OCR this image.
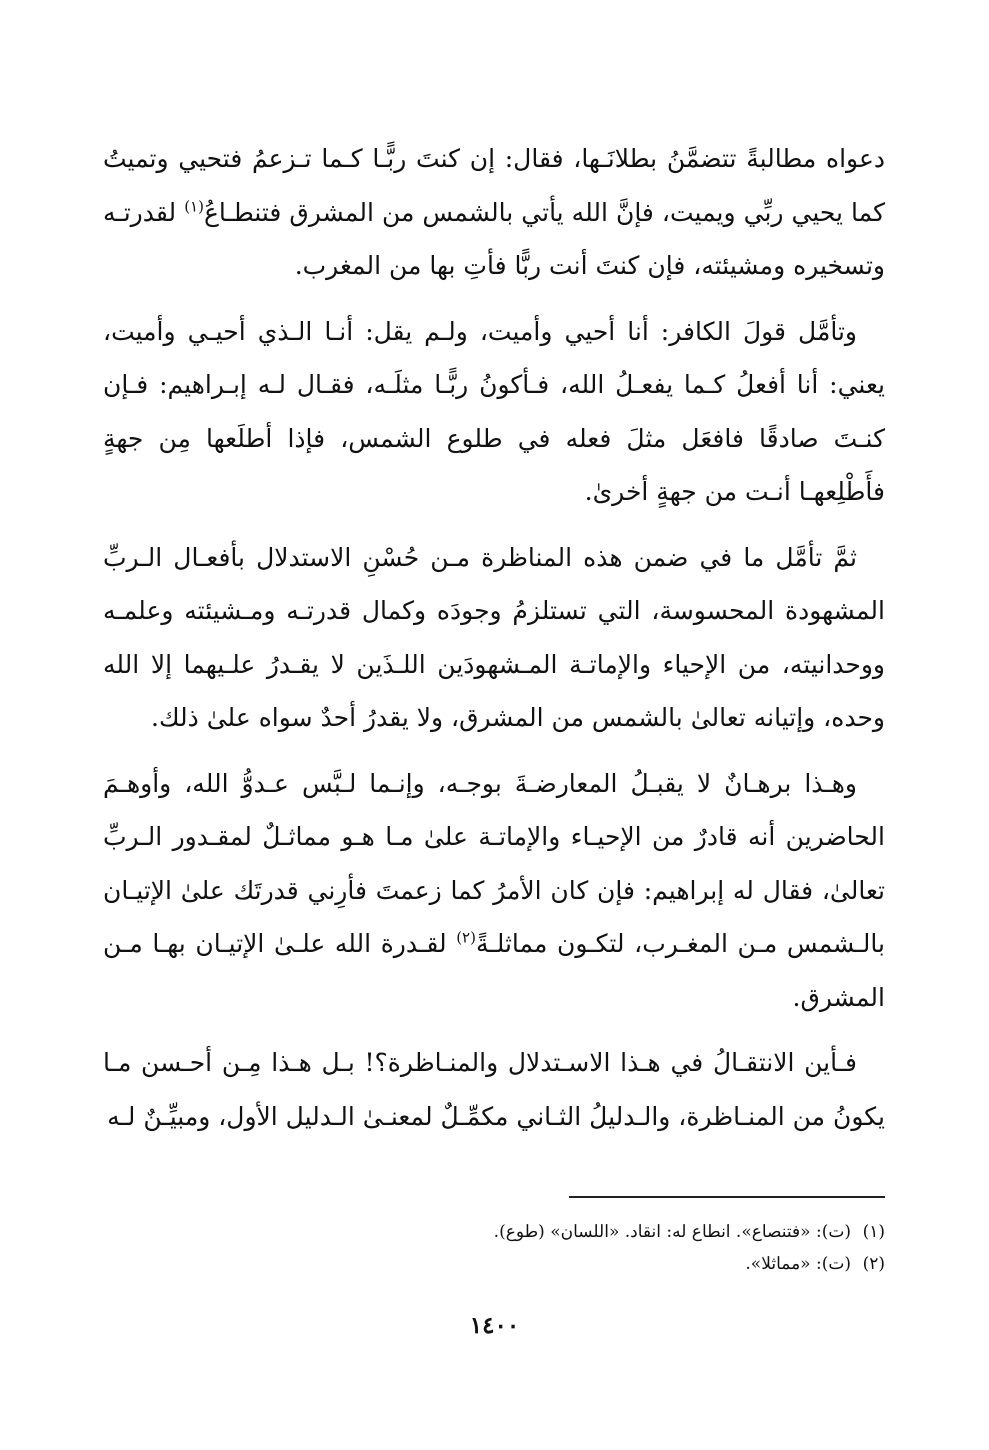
دعواه مطالبةً تتضمَّنُ بطلانَـها، فقال: إن كنتَ ربًّـا كـما تـزعمُ فتحيي وتميتُ كما يحيي ربِّي ويميت، فإنَّ الله يأتي بالشمس من المشرق فتنطـاعُ$^{(١)}$ لقدرتـه وتسخيره ومشيئته، فإن كنتَ أنت ربًّا فأتِ بها من المغرب.

وتأمَّل قولَ الكافر: أنا أحيي وأميت، ولـم يقل: أنـا الـذي أحيـي وأميت، يعني: أنا أفعلُ كـما يفعـلُ الله، فـأكونُ ربًّـا مثلَـه، فقـال لـه إبـراهيم: فـإن كنـتَ صادقًا فافعَل مثلَ فعله في طلوع الشمس، فإذا أطلَعها مِن جهةٍ فأَطْلِعهـا أنـت من جهةٍ أخرىٰ.

ثمَّ تأمَّل ما في ضمن هذه المناظرة مـن حُسْنِ الاستدلال بأفعـال الـربِّ المشهودة المحسوسة، التي تستلزمُ وجودَه وكمال قدرتـه ومـشيئته وعلمـه ووحدانيته، من الإحياء والإماتـة المـشهودَين اللـذَين لا يقـدرُ علـيهما إلا الله وحده، وإتيانه تعالىٰ بالشمس من المشرق، ولا يقدرُ أحدٌ سواه علىٰ ذلك.

وهـذا برهـانٌ لا يقبـلُ المعارضـةَ بوجـه، وإنـما لـبَّس عـدوُّ الله، وأوهـمَ الحاضرين أنه قادرٌ من الإحيـاء والإماتـة علىٰ مـا هـو مماثـلٌ لمقـدور الـربِّ تعالىٰ، فقال له إبراهيم: فإن كان الأمرُ كما زعمتَ فأرِني قدرتَك علىٰ الإتيـان بالـشمس مـن المغـرب، لتكـون مماثلـةً$^{(٢)}$ لقـدرة الله علـىٰ الإتيـان بهـا مـن المشرق.

فـأين الانتقـالُ في هـذا الاسـتدلال والمنـاظرة؟! بـل هـذا مِـن أحـسن مـا يكونُ من المنـاظرة، والـدليلُ الثـاني مكمِّـلٌ لمعنـىٰ الـدليل الأول، ومبيِّـنٌ لـه

(١)(ت): «فتنصاع». انطاع له: انقاد. «اللسان» (طوع).

(٢)(ت): «مماثلا».

١٤٠٠
